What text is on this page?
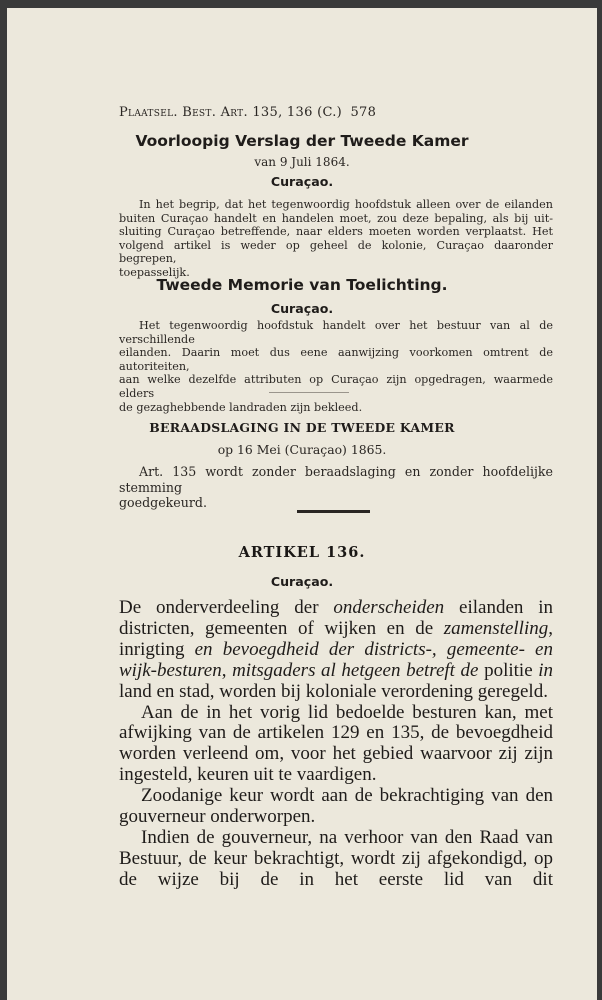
Plaatsel. Best. Art. 135, 136 (C.) 578
Voorloopig Verslag der Tweede Kamer
van 9 Juli 1864.
Curaçao.
In het begrip, dat het tegenwoordig hoofdstuk alleen over de eilanden
buiten Curaçao handelt en handelen moet, zou deze bepaling, als bij uit-
sluiting Curaçao betreffende, naar elders moeten worden verplaatst. Het
volgend artikel is weder op geheel de kolonie, Curaçao daaronder begrepen,
toepasselijk.
Tweede Memorie van Toelichting.
Curaçao.
Het tegenwoordig hoofdstuk handelt over het bestuur van al de verschillende
eilanden. Daarin moet dus eene aanwijzing voorkomen omtrent de autoriteiten,
aan welke dezelfde attributen op Curaçao zijn opgedragen, waarmede elders
de gezaghebbende landraden zijn bekleed.
BERAADSLAGING IN DE TWEEDE KAMER
op 16 Mei (Curaçao) 1865.
Art. 135 wordt zonder beraadslaging en zonder hoofdelijke stemming
goedgekeurd.
ARTIKEL 136.
Curaçao.

De onderverdeeling der onderscheiden eilanden in districten, gemeenten of wijken en de zamenstelling, inrigting en bevoegdheid der districts-, gemeente- en wijk-besturen, mitsgaders al hetgeen betreft de politie in land en stad, worden bij koloniale verordening geregeld.

Aan de in het vorig lid bedoelde besturen kan, met afwijking van de artikelen 129 en 135, de bevoegdheid worden verleend om, voor het gebied waarvoor zij zijn ingesteld, keuren uit te vaardigen.

Zoodanige keur wordt aan de bekrachtiging van den gouverneur onderworpen.

Indien de gouverneur, na verhoor van den Raad van Bestuur, de keur bekrachtigt, wordt zij afgekondigd, op de wijze bij de in het eerste lid van dit
